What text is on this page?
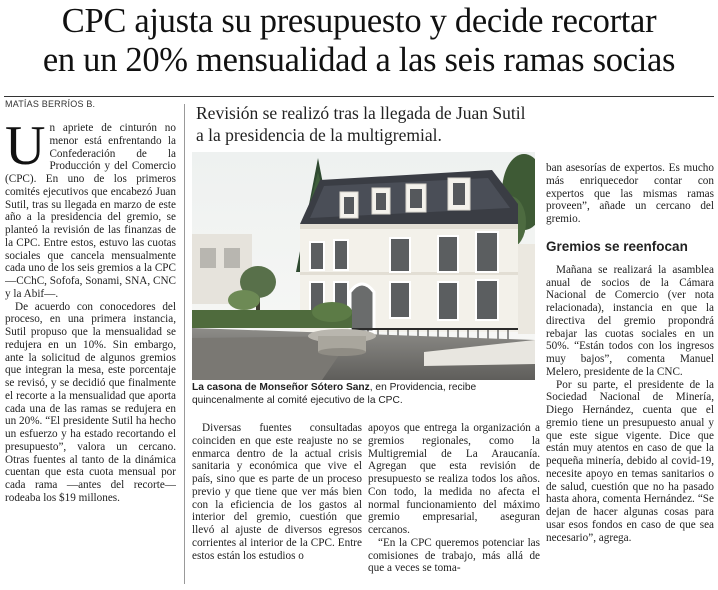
CPC ajusta su presupuesto y decide recortar
en un 20% mensualidad a las seis ramas socias
MATÍAS BERRÍOS B.	Revisión se realizó tras la llegada de Juan Sutil
a la presidencia de la multigremial.

Un apriete de cinturón no menor está enfrentando la Confederación de la Producción y del Comercio (CPC). En uno de los primeros comités ejecutivos que encabezó Juan Sutil, tras su llegada en marzo de este año a la presidencia del gremio, se planteó la revisión de las finanzas de la CPC. Entre estos, estuvo las cuotas sociales que cancela mensualmente cada uno de los seis gremios a la CPC —CChC, Sofofa, Sonami, SNA, CNC y la Abif—.

De acuerdo con conocedores del proceso, en una primera instancia, Sutil propuso que la mensualidad se redujera en un 10%. Sin embargo, ante la solicitud de algunos gremios que integran la mesa, este porcentaje se revisó, y se decidió que finalmente el recorte a la mensualidad que aporta cada una de las ramas se redujera en un 20%. “El presidente Sutil ha hecho un esfuerzo y ha estado recortando el presupuesto”, valora un cercano. Otras fuentes al tanto de la dinámica cuentan que esta cuota mensual por cada rama —antes del recorte— rodeaba los $19 millones.

La casona de Monseñor Sótero Sanz, en Providencia, recibe quincenalmente al comité ejecutivo de la CPC.

Diversas fuentes consultadas coinciden en que este reajuste no se enmarca dentro de la actual crisis sanitaria y económica que vive el país, sino que es parte de un proceso previo y que tiene que ver más bien con la eficiencia de los gastos al interior del gremio, cuestión que llevó al ajuste de diversos egresos corrientes al interior de la CPC. Entre estos están los estudios o

apoyos que entrega la organización a gremios regionales, como la Multigremial de La Araucanía. Agregan que esta revisión de presupuesto se realiza todos los años. Con todo, la medida no afecta el normal funcionamiento del máximo gremio empresarial, aseguran cercanos.

“En la CPC queremos potenciar las comisiones de trabajo, más allá de que a veces se toma-

ban asesorías de expertos. Es mucho más enriquecedor contar con expertos que las mismas ramas proveen”, añade un cercano del gremio.

Gremios se reenfocan

Mañana se realizará la asamblea anual de socios de la Cámara Nacional de Comercio (ver nota relacionada), instancia en que la directiva del gremio propondrá rebajar las cuotas sociales en un 50%. “Están todos con los ingresos muy bajos”, comenta Manuel Melero, presidente de la CNC.

Por su parte, el presidente de la Sociedad Nacional de Minería, Diego Hernández, cuenta que el gremio tiene un presupuesto anual y que este sigue vigente. Dice que están muy atentos en caso de que la pequeña minería, debido al covid-19, necesite apoyo en temas sanitarios o de salud, cuestión que no ha pasado hasta ahora, comenta Hernández. “Se dejan de hacer algunas cosas para usar esos fondos en caso de que sea necesario”, agrega.
